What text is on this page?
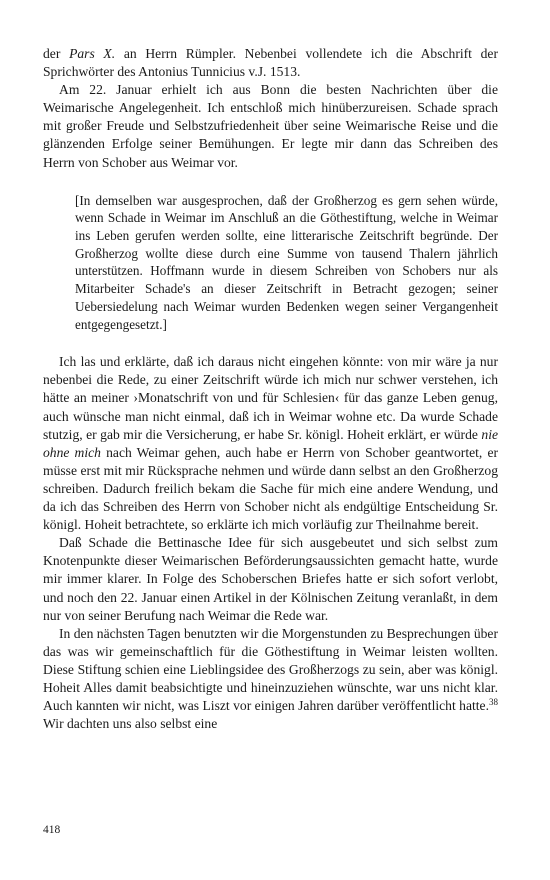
der Pars X. an Herrn Rümpler. Nebenbei vollendete ich die Abschrift der Sprichwörter des Antonius Tunnicius v.J. 1513.

Am 22. Januar erhielt ich aus Bonn die besten Nachrichten über die Weimarische Angelegenheit. Ich entschloß mich hinüberzureisen. Schade sprach mit großer Freude und Selbstzufriedenheit über seine Weimarische Reise und die glänzenden Erfolge seiner Bemühungen. Er legte mir dann das Schreiben des Herrn von Schober aus Weimar vor.

[In demselben war ausgesprochen, daß der Großherzog es gern sehen würde, wenn Schade in Weimar im Anschluß an die Göthestiftung, welche in Weimar ins Leben gerufen werden sollte, eine litterarische Zeitschrift begründe. Der Großherzog wollte diese durch eine Summe von tausend Thalern jährlich unterstützen. Hoffmann wurde in diesem Schreiben von Schobers nur als Mitarbeiter Schade's an dieser Zeitschrift in Betracht gezogen; seiner Uebersiedelung nach Weimar wurden Bedenken wegen seiner Vergangenheit entgegengesetzt.]

Ich las und erklärte, daß ich daraus nicht eingehen könnte: von mir wäre ja nur nebenbei die Rede, zu einer Zeitschrift würde ich mich nur schwer verstehen, ich hätte an meiner ›Monatschrift von und für Schlesien‹ für das ganze Leben genug, auch wünsche man nicht einmal, daß ich in Weimar wohne etc. Da wurde Schade stutzig, er gab mir die Versicherung, er habe Sr. königl. Hoheit erklärt, er würde nie ohne mich nach Weimar gehen, auch habe er Herrn von Schober geantwortet, er müsse erst mit mir Rücksprache nehmen und würde dann selbst an den Großherzog schreiben. Dadurch freilich bekam die Sache für mich eine andere Wendung, und da ich das Schreiben des Herrn von Schober nicht als endgültige Entscheidung Sr. königl. Hoheit betrachtete, so erklärte ich mich vorläufig zur Theilnahme bereit.

Daß Schade die Bettinasche Idee für sich ausgebeutet und sich selbst zum Knotenpunkte dieser Weimarischen Beförderungsaussichten gemacht hatte, wurde mir immer klarer. In Folge des Schoberschen Briefes hatte er sich sofort verlobt, und noch den 22. Januar einen Artikel in der Kölnischen Zeitung veranlaßt, in dem nur von seiner Berufung nach Weimar die Rede war.

In den nächsten Tagen benutzten wir die Morgenstunden zu Besprechungen über das was wir gemeinschaftlich für die Göthestiftung in Weimar leisten wollten. Diese Stiftung schien eine Lieblingsidee des Großherzogs zu sein, aber was königl. Hoheit Alles damit beabsichtigte und hineinzuziehen wünschte, war uns nicht klar. Auch kannten wir nicht, was Liszt vor einigen Jahren darüber veröffentlicht hatte.$^{38}$ Wir dachten uns also selbst eine

418
